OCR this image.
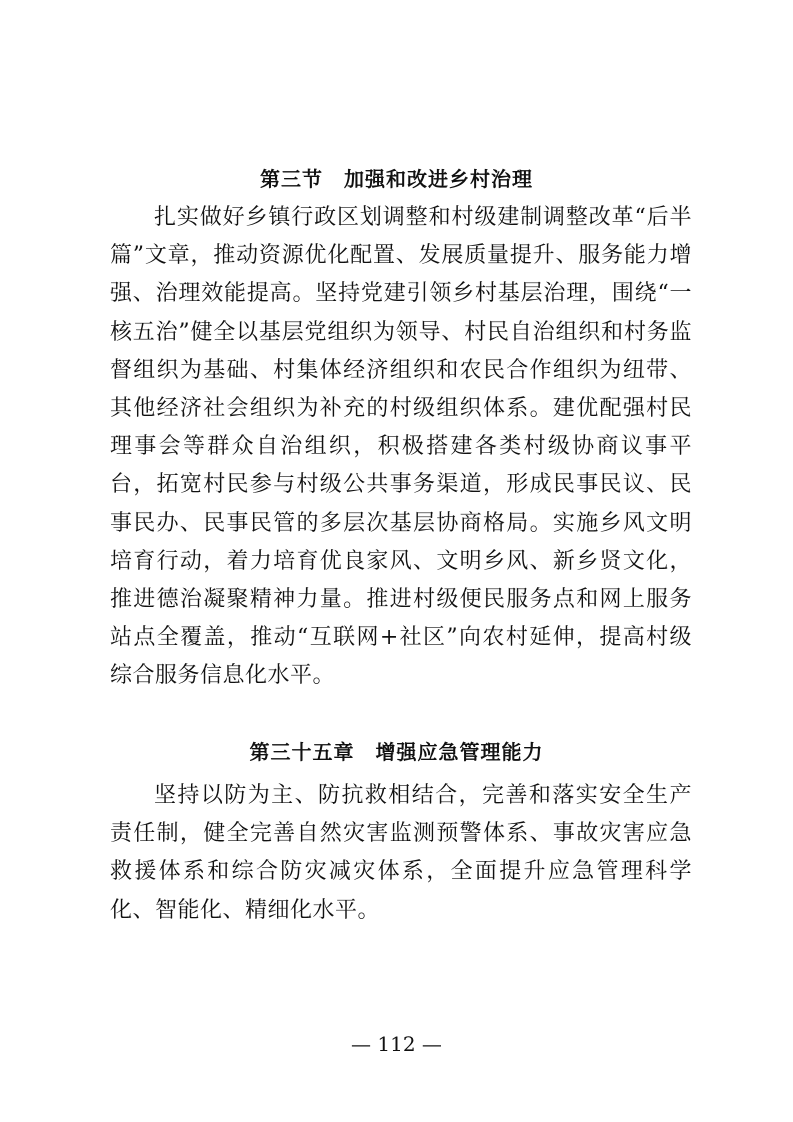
第三节　加强和改进乡村治理

扎实做好乡镇行政区划调整和村级建制调整改革“后半篇”文章，推动资源优化配置、发展质量提升、服务能力增强、治理效能提高。坚持党建引领乡村基层治理，围绕“一核五治”健全以基层党组织为领导、村民自治组织和村务监督组织为基础、村集体经济组织和农民合作组织为纽带、其他经济社会组织为补充的村级组织体系。建优配强村民理事会等群众自治组织，积极搭建各类村级协商议事平台，拓宽村民参与村级公共事务渠道，形成民事民议、民事民办、民事民管的多层次基层协商格局。实施乡风文明培育行动，着力培育优良家风、文明乡风、新乡贤文化，推进德治凝聚精神力量。推进村级便民服务点和网上服务站点全覆盖，推动“互联网+社区”向农村延伸，提高村级综合服务信息化水平。

第三十五章　增强应急管理能力

坚持以防为主、防抗救相结合，完善和落实安全生产责任制，健全完善自然灾害监测预警体系、事故灾害应急救援体系和综合防灾减灾体系，全面提升应急管理科学化、智能化、精细化水平。

— 112 —
